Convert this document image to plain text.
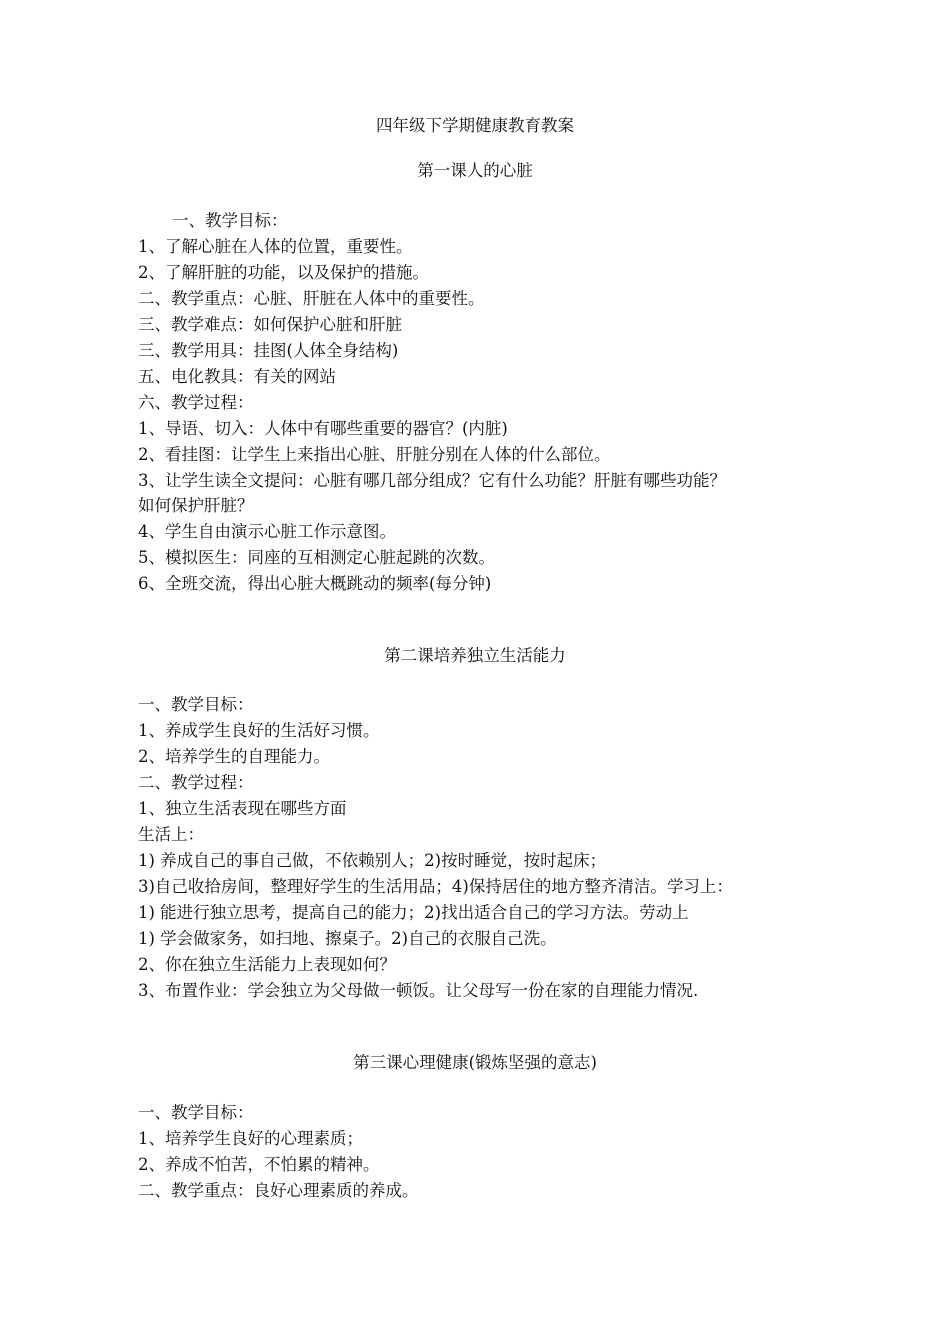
四年级下学期健康教育教案
第一课人的心脏
一、教学目标：
1、了解心脏在人体的位置，重要性。
2、了解肝脏的功能，以及保护的措施。
二、教学重点：心脏、肝脏在人体中的重要性。
三、教学难点：如何保护心脏和肝脏
三、教学用具：挂图(人体全身结构)
五、电化教具：有关的网站
六、教学过程：
1、导语、切入：人体中有哪些重要的器官？(内脏)
2、看挂图：让学生上来指出心脏、肝脏分别在人体的什么部位。
3、让学生读全文提问：心脏有哪几部分组成？它有什么功能？肝脏有哪些功能？
如何保护肝脏？
4、学生自由演示心脏工作示意图。
5、模拟医生：同座的互相测定心脏起跳的次数。
6、全班交流，得出心脏大概跳动的频率(每分钟)
第二课培养独立生活能力
一、教学目标：
1、养成学生良好的生活好习惯。
2、培养学生的自理能力。
二、教学过程：
1、独立生活表现在哪些方面
生活上：
1) 养成自己的事自己做，不依赖别人；2)按时睡觉，按时起床；
3)自己收拾房间，整理好学生的生活用品；4)保持居住的地方整齐清洁。学习上：
1) 能进行独立思考，提高自己的能力；2)找出适合自己的学习方法。劳动上
1) 学会做家务，如扫地、擦桌子。2)自己的衣服自己洗。
2、你在独立生活能力上表现如何？
3、布置作业：学会独立为父母做一顿饭。让父母写一份在家的自理能力情况.
第三课心理健康(锻炼坚强的意志)
一、教学目标：
1、培养学生良好的心理素质；
2、养成不怕苦，不怕累的精神。
二、教学重点：良好心理素质的养成。
